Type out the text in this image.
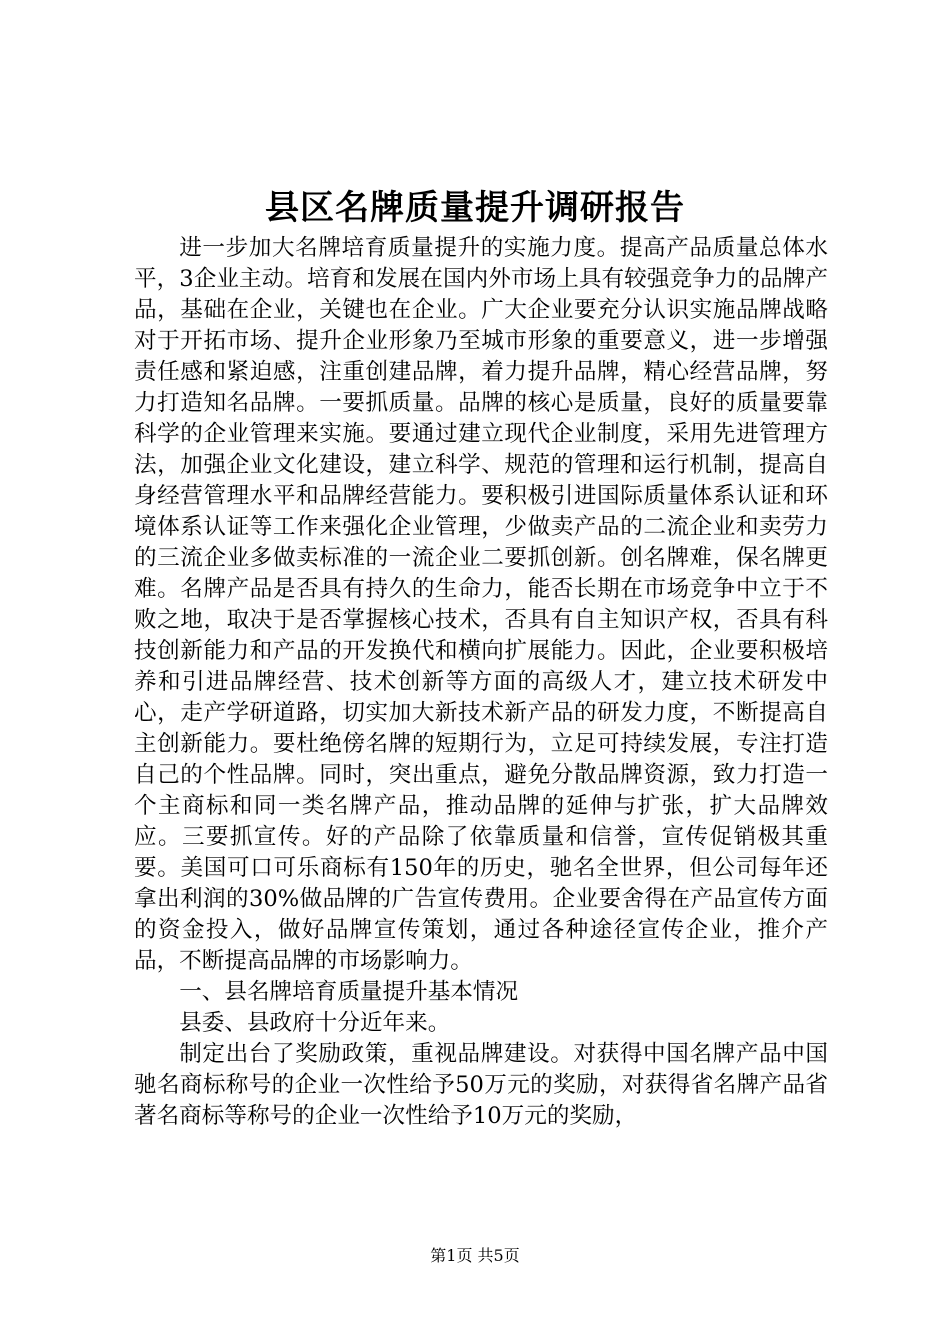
县区名牌质量提升调研报告

进一步加大名牌培育质量提升的实施力度。提高产品质量总体水平，3企业主动。培育和发展在国内外市场上具有较强竞争力的品牌产品，基础在企业，关键也在企业。广大企业要充分认识实施品牌战略对于开拓市场、提升企业形象乃至城市形象的重要意义，进一步增强责任感和紧迫感，注重创建品牌，着力提升品牌，精心经营品牌，努力打造知名品牌。一要抓质量。品牌的核心是质量，良好的质量要靠科学的企业管理来实施。要通过建立现代企业制度，采用先进管理方法，加强企业文化建设，建立科学、规范的管理和运行机制，提高自身经营管理水平和品牌经营能力。要积极引进国际质量体系认证和环境体系认证等工作来强化企业管理，少做卖产品的二流企业和卖劳力的三流企业多做卖标准的一流企业二要抓创新。创名牌难，保名牌更难。名牌产品是否具有持久的生命力，能否长期在市场竞争中立于不败之地，取决于是否掌握核心技术，否具有自主知识产权，否具有科技创新能力和产品的开发换代和横向扩展能力。因此，企业要积极培养和引进品牌经营、技术创新等方面的高级人才，建立技术研发中心，走产学研道路，切实加大新技术新产品的研发力度，不断提高自主创新能力。要杜绝傍名牌的短期行为，立足可持续发展，专注打造自己的个性品牌。同时，突出重点，避免分散品牌资源，致力打造一个主商标和同一类名牌产品，推动品牌的延伸与扩张，扩大品牌效应。三要抓宣传。好的产品除了依靠质量和信誉，宣传促销极其重要。美国可口可乐商标有150年的历史，驰名全世界，但公司每年还拿出利润的30%做品牌的广告宣传费用。企业要舍得在产品宣传方面的资金投入，做好品牌宣传策划，通过各种途径宣传企业，推介产品，不断提高品牌的市场影响力。

一、县名牌培育质量提升基本情况

县委、县政府十分近年来。

制定出台了奖励政策，重视品牌建设。对获得中国名牌产品中国驰名商标称号的企业一次性给予50万元的奖励，对获得省名牌产品省著名商标等称号的企业一次性给予10万元的奖励，

第1页 共5页
